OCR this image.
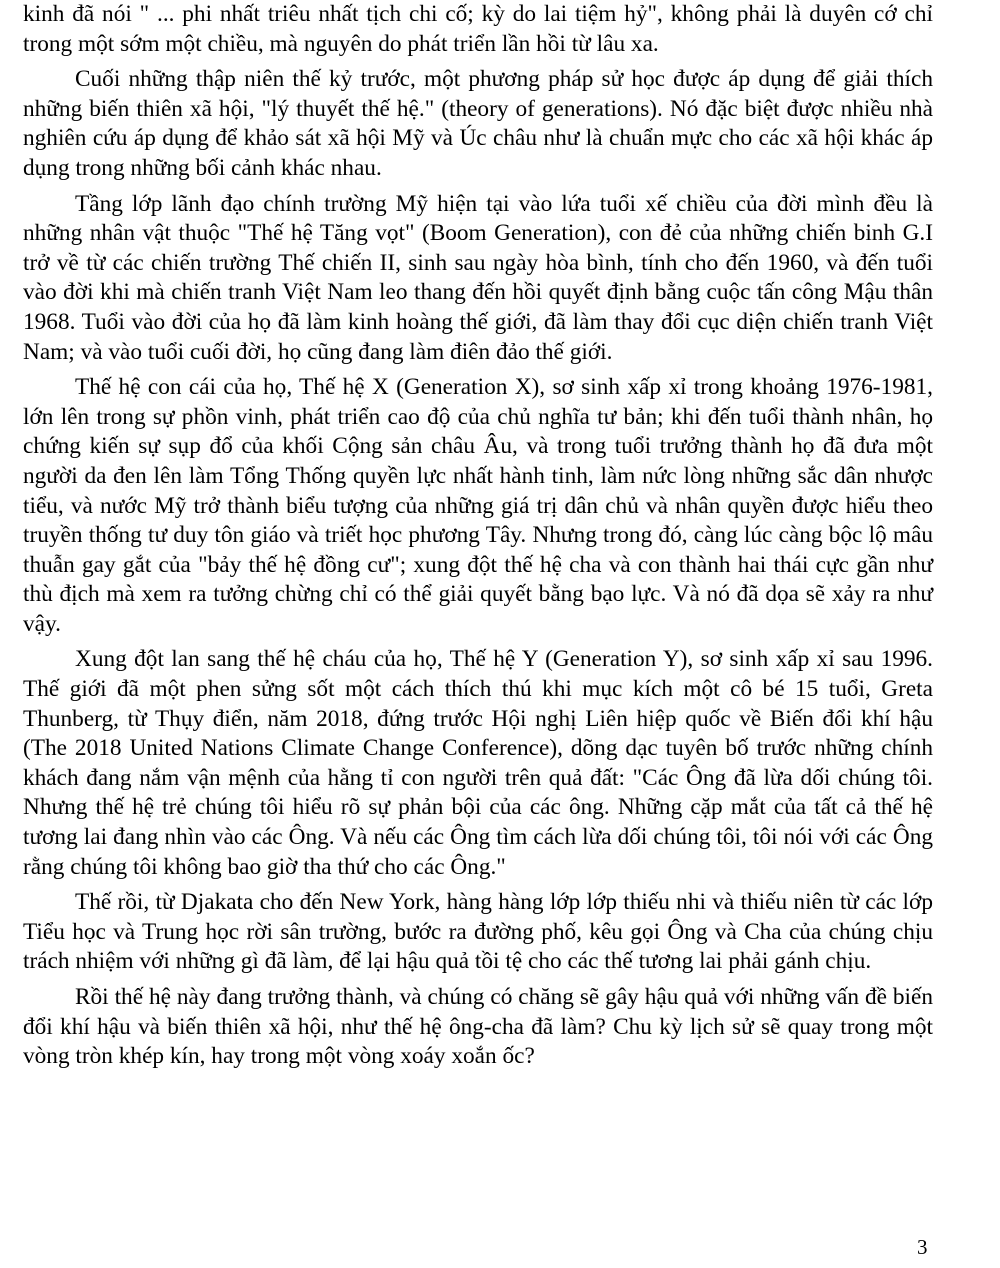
kinh đã nói " ... phi nhất triêu nhất tịch chi cố; kỳ do lai tiệm hỷ", không phải là duyên cớ chỉ trong một sớm một chiều, mà nguyên do phát triển lần hồi từ lâu xa.

Cuối những thập niên thế kỷ trước, một phương pháp sử học được áp dụng để giải thích những biến thiên xã hội, "lý thuyết thế hệ." (theory of generations). Nó đặc biệt được nhiều nhà nghiên cứu áp dụng để khảo sát xã hội Mỹ và Úc châu như là chuẩn mực cho các xã hội khác áp dụng trong những bối cảnh khác nhau.

Tầng lớp lãnh đạo chính trường Mỹ hiện tại vào lứa tuổi xế chiều của đời mình đều là những nhân vật thuộc "Thế hệ Tăng vọt" (Boom Generation), con đẻ của những chiến binh G.I trở về từ các chiến trường Thế chiến II, sinh sau ngày hòa bình, tính cho đến 1960, và đến tuổi vào đời khi mà chiến tranh Việt Nam leo thang đến hồi quyết định bằng cuộc tấn công Mậu thân 1968. Tuổi vào đời của họ đã làm kinh hoàng thế giới, đã làm thay đổi cục diện chiến tranh Việt Nam; và vào tuổi cuối đời, họ cũng đang làm điên đảo thế giới.

Thế hệ con cái của họ, Thế hệ X (Generation X), sơ sinh xấp xỉ trong khoảng 1976-1981, lớn lên trong sự phồn vinh, phát triển cao độ của chủ nghĩa tư bản; khi đến tuổi thành nhân, họ chứng kiến sự sụp đổ của khối Cộng sản châu Âu, và trong tuổi trưởng thành họ đã đưa một người da đen lên làm Tổng Thống quyền lực nhất hành tinh, làm nức lòng những sắc dân nhược tiểu, và nước Mỹ trở thành biểu tượng của những giá trị dân chủ và nhân quyền được hiểu theo truyền thống tư duy tôn giáo và triết học phương Tây. Nhưng trong đó, càng lúc càng bộc lộ mâu thuẫn gay gắt của "bảy thế hệ đồng cư"; xung đột thế hệ cha và con thành hai thái cực gần như thù địch mà xem ra tưởng chừng chỉ có thể giải quyết bằng bạo lực. Và nó đã dọa sẽ xảy ra như vậy.

Xung đột lan sang thế hệ cháu của họ, Thế hệ Y (Generation Y), sơ sinh xấp xỉ sau 1996. Thế giới đã một phen sửng sốt một cách thích thú khi mục kích một cô bé 15 tuổi, Greta Thunberg, từ Thụy điển, năm 2018, đứng trước Hội nghị Liên hiệp quốc về Biến đổi khí hậu (The 2018 United Nations Climate Change Conference), dõng dạc tuyên bố trước những chính khách đang nắm vận mệnh của hằng tỉ con người trên quả đất: "Các Ông đã lừa dối chúng tôi. Nhưng thế hệ trẻ chúng tôi hiểu rõ sự phản bội của các ông. Những cặp mắt của tất cả thế hệ tương lai đang nhìn vào các Ông. Và nếu các Ông tìm cách lừa dối chúng tôi, tôi nói với các Ông rằng chúng tôi không bao giờ tha thứ cho các Ông."

Thế rồi, từ Djakata cho đến New York, hàng hàng lớp lớp thiếu nhi và thiếu niên từ các lớp Tiểu học và Trung học rời sân trường, bước ra đường phố, kêu gọi Ông và Cha của chúng chịu trách nhiệm với những gì đã làm, để lại hậu quả tồi tệ cho các thế tương lai phải gánh chịu.

Rồi thế hệ này đang trưởng thành, và chúng có chăng sẽ gây hậu quả với những vấn đề biến đổi khí hậu và biến thiên xã hội, như thế hệ ông-cha đã làm? Chu kỳ lịch sử sẽ quay trong một vòng tròn khép kín, hay trong một vòng xoáy xoắn ốc?

3
